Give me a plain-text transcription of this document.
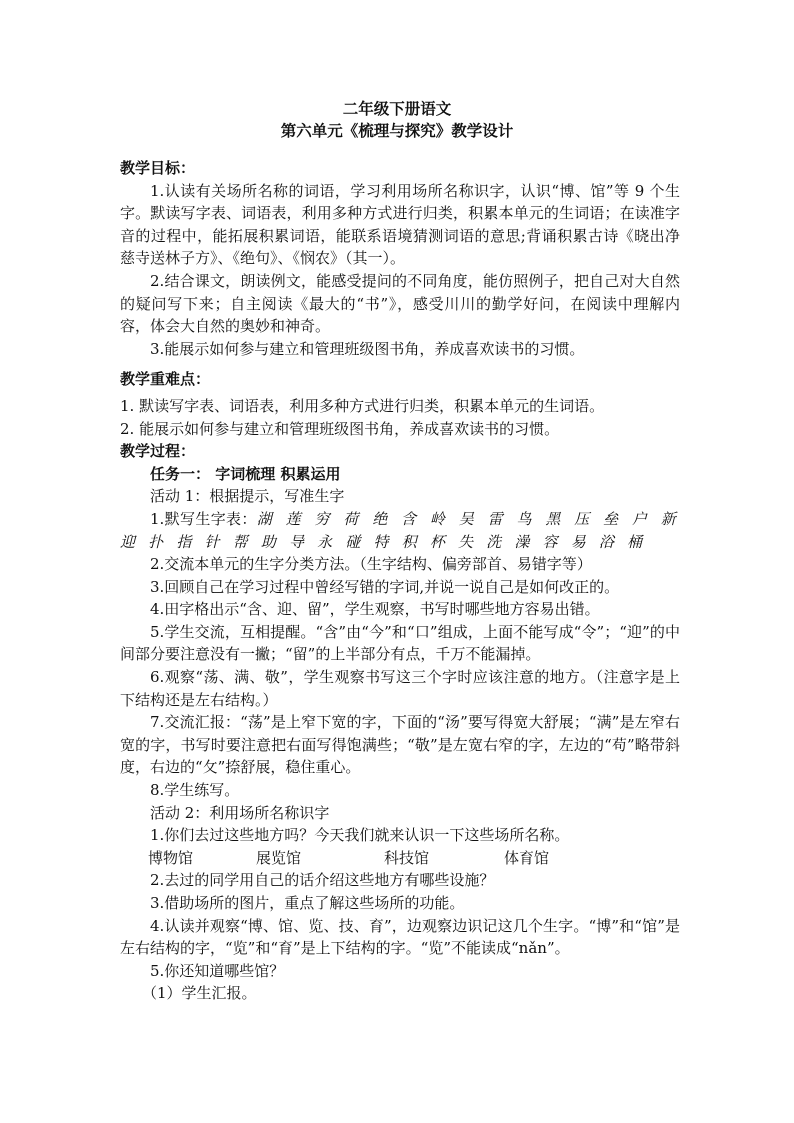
二年级下册语文
第六单元《梳理与探究》教学设计

教学目标：

1.认读有关场所名称的词语，学习利用场所名称识字，认识“博、馆”等 9 个生字。默读写字表、词语表，利用多种方式进行归类，积累本单元的生词语；在读准字音的过程中，能拓展积累词语，能联系语境猜测词语的意思;背诵积累古诗《晓出净慈寺送林子方》、《绝句》、《悯农》（其一）。

2.结合课文，朗读例文，能感受提问的不同角度，能仿照例子，把自己对大自然的疑问写下来；自主阅读《最大的“书”》，感受川川的勤学好问，在阅读中理解内容，体会大自然的奥妙和神奇。

3.能展示如何参与建立和管理班级图书角，养成喜欢读书的习惯。

教学重难点：

1. 默读写字表、词语表，利用多种方式进行归类，积累本单元的生词语。

2. 能展示如何参与建立和管理班级图书角，养成喜欢读书的习惯。

教学过程：

任务一： 字词梳理 积累运用

活动 1：根据提示，写准生字

1.默写生字表：湖 莲 穷 荷 绝 含 岭 吴 雷 鸟 黑 压 垒 户 新 迎 扑 指 针 帮 助 导 永 碰 特 积 杯 失 洗 澡 容 易 浴 桶

2.交流本单元的生字分类方法。（生字结构、偏旁部首、易错字等）

3.回顾自己在学习过程中曾经写错的字词,并说一说自己是如何改正的。

4.田字格出示“含、迎、留”，学生观察，书写时哪些地方容易出错。

5.学生交流，互相提醒。“含”由“今”和“口”组成，上面不能写成“令”；“迎”的中间部分要注意没有一撇；“留”的上半部分有点，千万不能漏掉。

6.观察“荡、满、敬”，学生观察书写这三个字时应该注意的地方。（注意字是上下结构还是左右结构。）

7.交流汇报：“荡”是上窄下宽的字，下面的“汤”要写得宽大舒展；“满”是左窄右宽的字，书写时要注意把右面写得饱满些；“敬”是左宽右窄的字，左边的“苟”略带斜度，右边的“攵”捺舒展，稳住重心。

8.学生练写。

活动 2：利用场所名称识字

1.你们去过这些地方吗？今天我们就来认识一下这些场所名称。

博物馆	展览馆	科技馆	体育馆

2.去过的同学用自己的话介绍这些地方有哪些设施？

3.借助场所的图片，重点了解这些场所的功能。

4.认读并观察“博、馆、览、技、育”，边观察边识记这几个生字。“博”和“馆”是左右结构的字，“览”和“育”是上下结构的字。“览”不能读成“nǎn”。

5.你还知道哪些馆？

（1）学生汇报。
